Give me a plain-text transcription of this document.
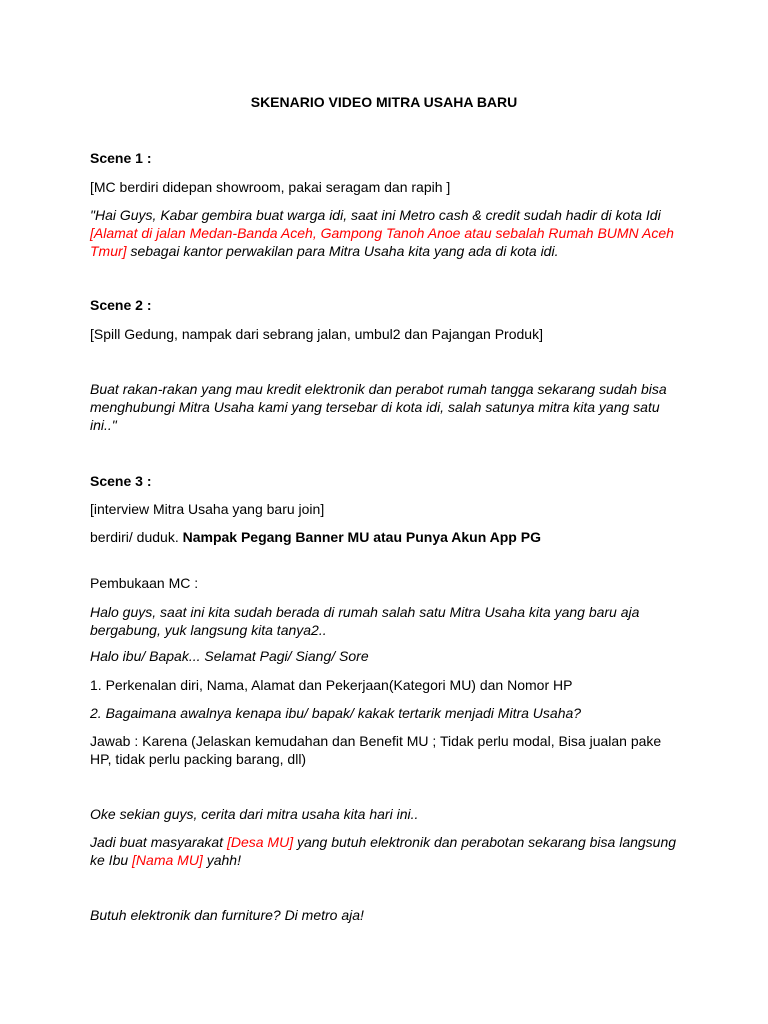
SKENARIO VIDEO MITRA USAHA BARU
Scene 1 :
[MC berdiri didepan showroom, pakai seragam dan rapih ]
"Hai Guys, Kabar gembira buat warga idi, saat ini Metro cash & credit sudah hadir di kota Idi
[Alamat di jalan Medan-Banda Aceh, Gampong Tanoh Anoe atau sebalah Rumah BUMN Aceh
Tmur] sebagai kantor perwakilan para Mitra Usaha kita yang ada di kota idi.
Scene 2 :
[Spill Gedung, nampak dari sebrang jalan, umbul2 dan Pajangan Produk]
Buat rakan-rakan yang mau kredit elektronik dan perabot rumah tangga sekarang sudah bisa
menghubungi Mitra Usaha kami yang tersebar di kota idi, salah satunya mitra kita yang satu
ini.."
Scene 3 :
[interview Mitra Usaha yang baru join]
berdiri/ duduk. Nampak Pegang Banner MU atau Punya Akun App PG
Pembukaan MC :
Halo guys, saat ini kita sudah berada di rumah salah satu Mitra Usaha kita yang baru aja
bergabung, yuk langsung kita tanya2..
Halo ibu/ Bapak... Selamat Pagi/ Siang/ Sore
1. Perkenalan diri, Nama, Alamat dan Pekerjaan(Kategori MU) dan Nomor HP
2. Bagaimana awalnya kenapa ibu/ bapak/ kakak tertarik menjadi Mitra Usaha?
Jawab : Karena (Jelaskan kemudahan dan Benefit MU ; Tidak perlu modal, Bisa jualan pake
HP, tidak perlu packing barang, dll)
Oke sekian guys, cerita dari mitra usaha kita hari ini..
Jadi buat masyarakat [Desa MU] yang butuh elektronik dan perabotan sekarang bisa langsung
ke Ibu [Nama MU] yahh!
Butuh elektronik dan furniture? Di metro aja!
